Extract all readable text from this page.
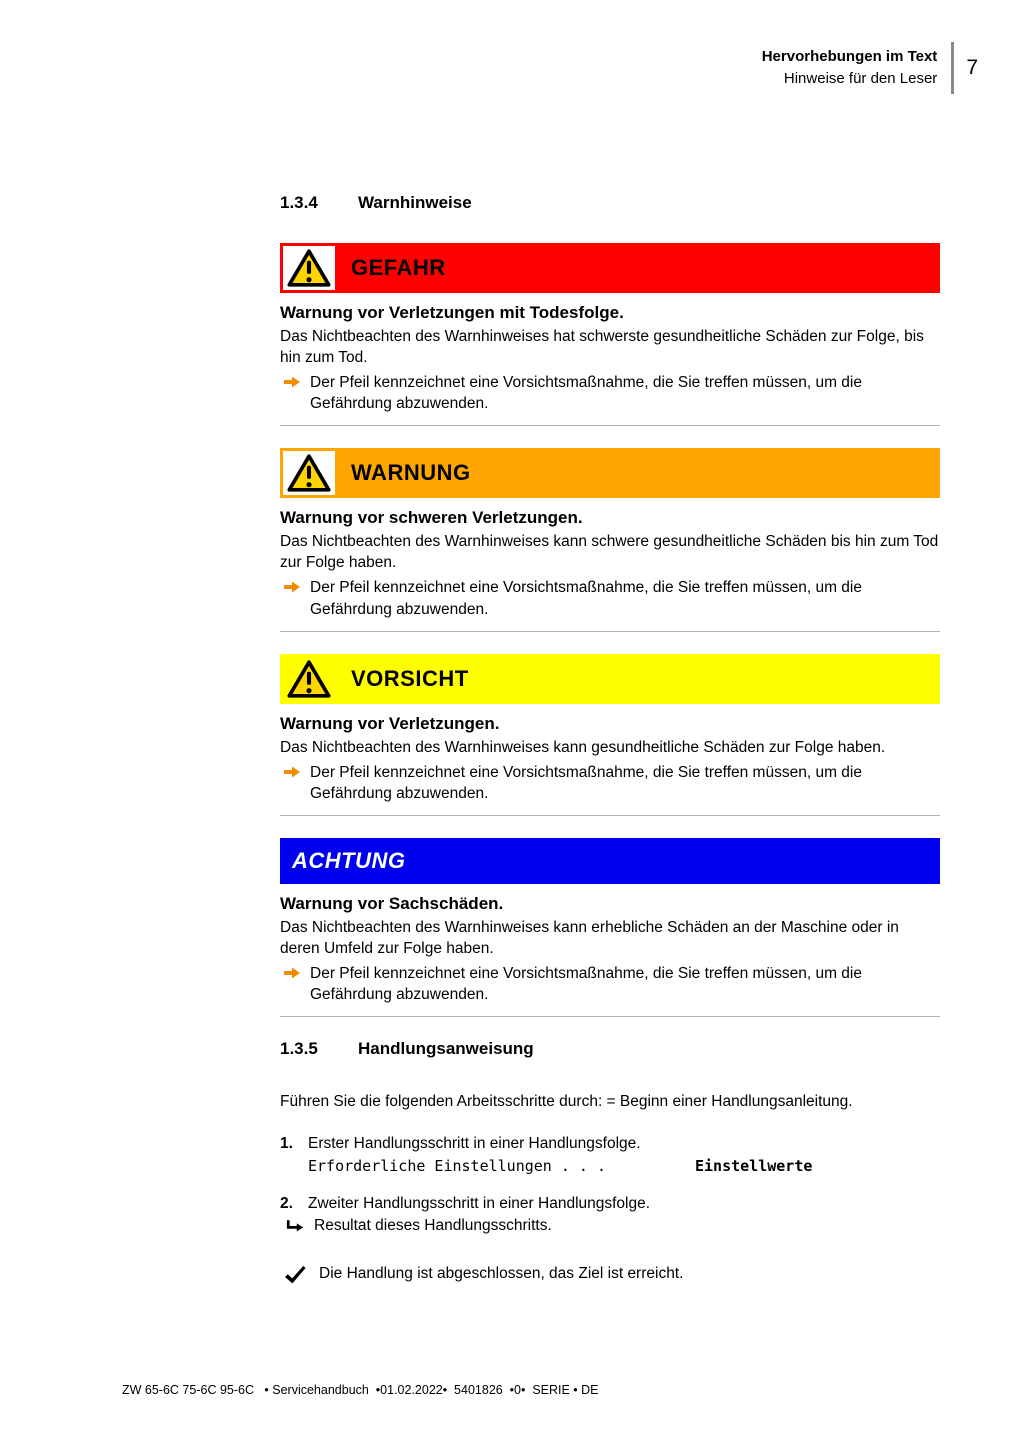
Hervorhebungen im Text
Hinweise für den Leser 7
1.3.4	Warnhinweise
GEFAHR
Warnung vor Verletzungen mit Todesfolge.
Das Nichtbeachten des Warnhinweises hat schwerste gesundheitliche Schäden zur Folge, bis hin zum Tod.
Der Pfeil kennzeichnet eine Vorsichtsmaßnahme, die Sie treffen müssen, um die Gefährdung abzuwenden.
WARNUNG
Warnung vor schweren Verletzungen.
Das Nichtbeachten des Warnhinweises kann schwere gesundheitliche Schäden bis hin zum Tod zur Folge haben.
Der Pfeil kennzeichnet eine Vorsichtsmaßnahme, die Sie treffen müssen, um die Gefährdung abzuwenden.
VORSICHT
Warnung vor Verletzungen.
Das Nichtbeachten des Warnhinweises kann gesundheitliche Schäden zur Folge haben.
Der Pfeil kennzeichnet eine Vorsichtsmaßnahme, die Sie treffen müssen, um die Gefährdung abzuwenden.
ACHTUNG
Warnung vor Sachschäden.
Das Nichtbeachten des Warnhinweises kann erhebliche Schäden an der Maschine oder in deren Umfeld zur Folge haben.
Der Pfeil kennzeichnet eine Vorsichtsmaßnahme, die Sie treffen müssen, um die Gefährdung abzuwenden.
1.3.5	Handlungsanweisung
Führen Sie die folgenden Arbeitsschritte durch: = Beginn einer Handlungsanleitung.
1. Erster Handlungsschritt in einer Handlungsfolge.
Erforderliche Einstellungen . . .	Einstellwerte
2. Zweiter Handlungsschritt in einer Handlungsfolge.
Resultat dieses Handlungsschritts.
Die Handlung ist abgeschlossen, das Ziel ist erreicht.
ZW 65-6C 75-6C 95-6C   • Servicehandbuch  •01.02.2022•  5401826  •0•  SERIE • DE
